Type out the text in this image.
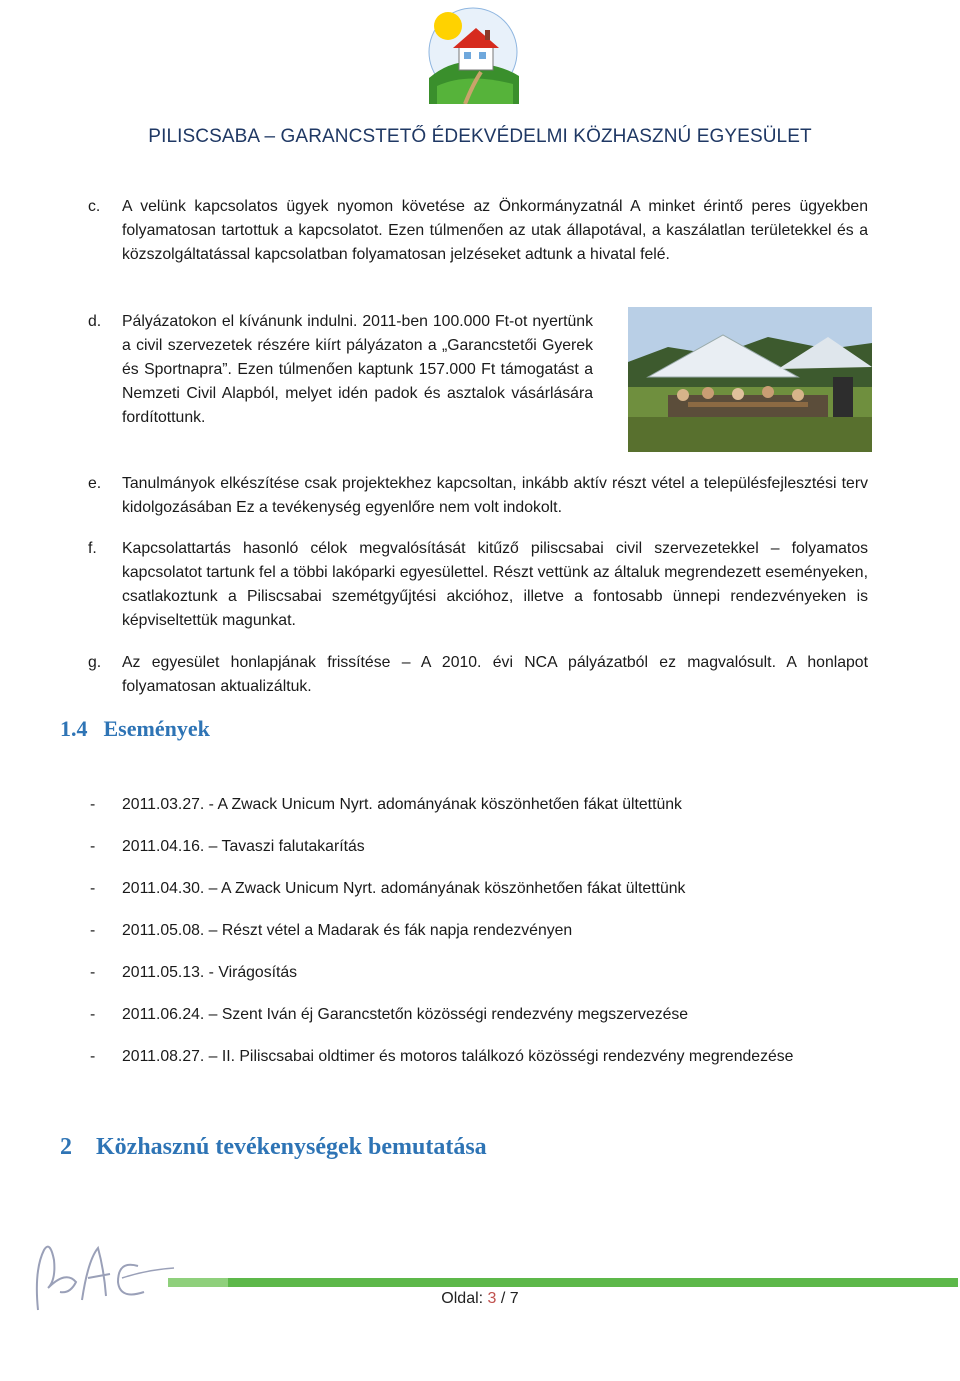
PILISCSABA – GARANCSTETŐ ÉDEKVÉDELMI KÖZHASZNÚ EGYESÜLET
c. A velünk kapcsolatos ügyek nyomon követése az Önkormányzatnál A minket érintő peres ügyekben folyamatosan tartottuk a kapcsolatot. Ezen túlmenően az utak állapotával, a kaszálatlan területekkel és a közszolgáltatással kapcsolatban folyamatosan jelzéseket adtunk a hivatal felé.
d. Pályázatokon el kívánunk indulni. 2011-ben 100.000 Ft-ot nyertünk a civil szervezetek részére kiírt pályázaton a „Garancstetői Gyerek és Sportnapra”. Ezen túlmenően kaptunk 157.000 Ft támogatást a Nemzeti Civil Alapból, melyet idén padok és asztalok vásárlására fordítottunk.
e. Tanulmányok elkészítése csak projektekhez kapcsoltan, inkább aktív részt vétel a településfejlesztési terv kidolgozásában Ez a tevékenység egyenlőre nem volt indokolt.
f. Kapcsolattartás hasonló célok megvalósítását kitűző piliscsabai civil szervezetekkel – folyamatos kapcsolatot tartunk fel a többi lakóparki egyesülettel. Részt vettünk az általuk megrendezett eseményeken, csatlakoztunk a Piliscsabai szemétgyűjtési akcióhoz, illetve a fontosabb ünnepi rendezvényeken is képviseltettük magunkat.
g. Az egyesület honlapjának frissítése – A 2010. évi NCA pályázatból ez magvalósult. A honlapot folyamatosan aktualizáltuk.
1.4 Események
- 2011.03.27. - A Zwack Unicum Nyrt. adományának köszönhetően fákat ültettünk
- 2011.04.16. – Tavaszi falutakarítás
- 2011.04.30. – A Zwack Unicum Nyrt. adományának köszönhetően fákat ültettünk
- 2011.05.08. – Részt vétel a Madarak és fák napja rendezvényen
- 2011.05.13. - Virágosítás
- 2011.06.24. – Szent Iván éj Garancstetőn közösségi rendezvény megszervezése
- 2011.08.27. – II. Piliscsabai oldtimer és motoros találkozó közösségi rendezvény megrendezése
2 Közhasznú tevékenységek bemutatása
Oldal: 3 / 7
